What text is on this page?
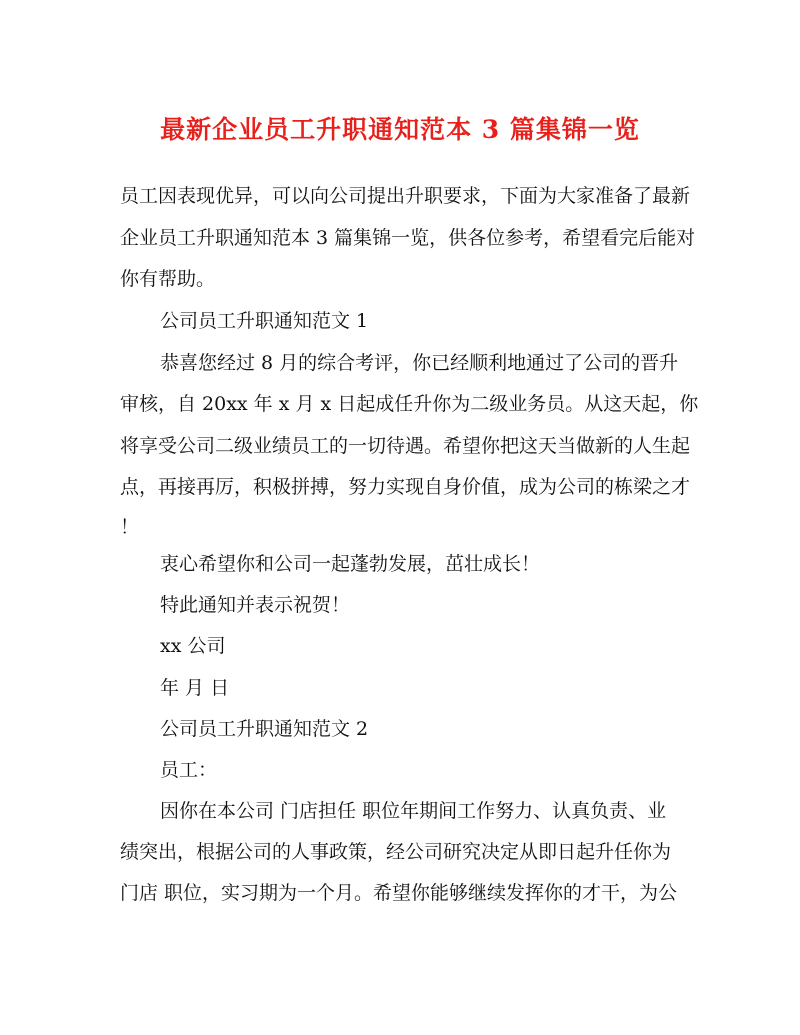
最新企业员工升职通知范本 3 篇集锦一览

员工因表现优异，可以向公司提出升职要求，下面为大家准备了最新

企业员工升职通知范本 3 篇集锦一览，供各位参考，希望看完后能对

你有帮助。

公司员工升职通知范文 1

恭喜您经过 8 月的综合考评，你已经顺利地通过了公司的晋升

审核，自 20xx 年 x 月 x 日起成任升你为二级业务员。从这天起，你

将享受公司二级业绩员工的一切待遇。希望你把这天当做新的人生起

点，再接再厉，积极拼搏，努力实现自身价值，成为公司的栋梁之才

！

衷心希望你和公司一起蓬勃发展，茁壮成长！

特此通知并表示祝贺！

xx 公司

年 月 日

公司员工升职通知范文 2

员工：

因你在本公司 门店担任 职位年期间工作努力、认真负责、业

绩突出，根据公司的人事政策，经公司研究决定从即日起升任你为

门店 职位，实习期为一个月。希望你能够继续发挥你的才干，为公
